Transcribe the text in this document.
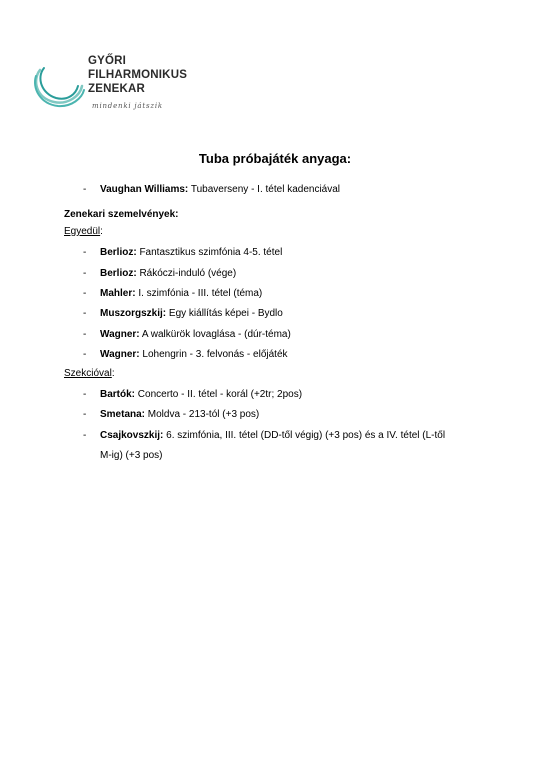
GYŐRI
FILHARMONIKUS
ZENEKAR
mindenki játszik
Tuba próbajáték anyaga:
- Vaughan Williams: Tubaverseny - I. tétel kadenciával
Zenekari szemelvények:
Egyedül:
- Berlioz: Fantasztikus szimfónia 4-5. tétel
- Berlioz: Rákóczi-induló (vége)
- Mahler: I. szimfónia - III. tétel (téma)
- Muszorgszkij: Egy kiállítás képei - Bydlo
- Wagner: A walkürök lovaglása - (dúr-téma)
- Wagner: Lohengrin - 3. felvonás - előjáték
Szekcióval:
- Bartók: Concerto - II. tétel - korál (+2tr; 2pos)
- Smetana: Moldva - 213-tól (+3 pos)
- Csajkovszkij: 6. szimfónia, III. tétel (DD-től végig) (+3 pos) és a IV. tétel (L-től
M-ig) (+3 pos)
